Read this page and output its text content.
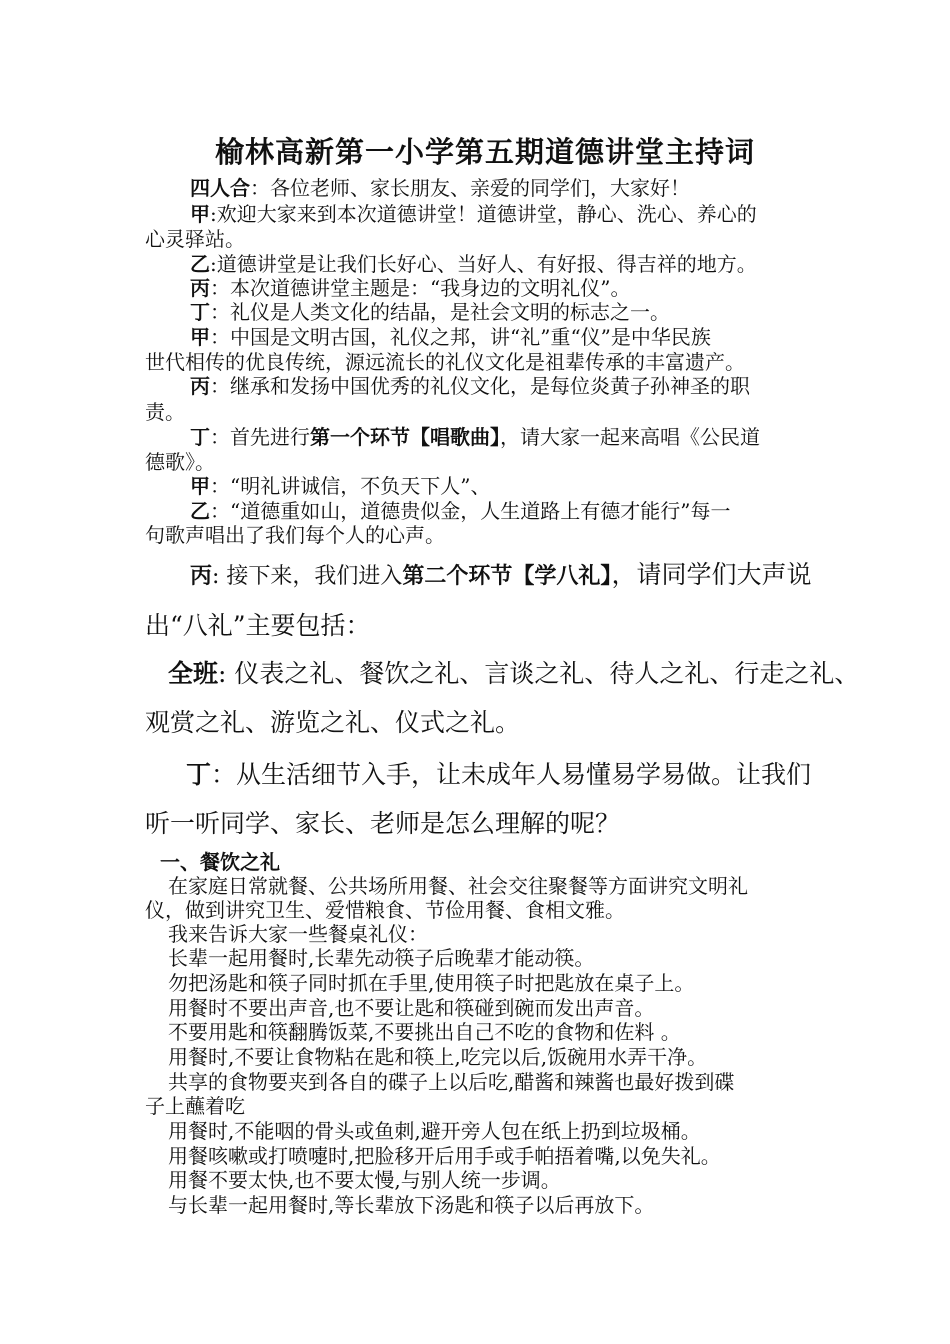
榆林高新第一小学第五期道德讲堂主持词
四人合：各位老师、家长朋友、亲爱的同学们，大家好！
甲:欢迎大家来到本次道德讲堂！道德讲堂，静心、洗心、养心的
心灵驿站。
乙:道德讲堂是让我们长好心、当好人、有好报、得吉祥的地方。
丙：本次道德讲堂主题是：“我身边的文明礼仪”。
丁：礼仪是人类文化的结晶，是社会文明的标志之一。
甲：中国是文明古国，礼仪之邦，讲“礼”重“仪”是中华民族
世代相传的优良传统，源远流长的礼仪文化是祖辈传承的丰富遗产。
丙：继承和发扬中国优秀的礼仪文化，是每位炎黄子孙神圣的职
责。
丁：首先进行第一个环节【唱歌曲】，请大家一起来高唱《公民道
德歌》。
甲：“明礼讲诚信，不负天下人”、
乙：“道德重如山，道德贵似金，人生道路上有德才能行”每一
句歌声唱出了我们每个人的心声。
丙: 接下来，我们进入第二个环节【学八礼】，请同学们大声说
出“八礼”主要包括：
全班: 仪表之礼、餐饮之礼、言谈之礼、待人之礼、行走之礼、
观赏之礼、游览之礼、仪式之礼。
丁：从生活细节入手，让未成年人易懂易学易做。让我们
听一听同学、家长、老师是怎么理解的呢？
一、餐饮之礼
在家庭日常就餐、公共场所用餐、社会交往聚餐等方面讲究文明礼
仪，做到讲究卫生、爱惜粮食、节俭用餐、食相文雅。
我来告诉大家一些餐桌礼仪：
长辈一起用餐时,长辈先动筷子后晚辈才能动筷。
勿把汤匙和筷子同时抓在手里,使用筷子时把匙放在桌子上。
用餐时不要出声音,也不要让匙和筷碰到碗而发出声音。
不要用匙和筷翻腾饭菜,不要挑出自己不吃的食物和佐料 。
用餐时,不要让食物粘在匙和筷上,吃完以后,饭碗用水弄干净。
共享的食物要夹到各自的碟子上以后吃,醋酱和辣酱也最好拨到碟
子上蘸着吃
用餐时,不能咽的骨头或鱼刺,避开旁人包在纸上扔到垃圾桶。
用餐咳嗽或打喷嚏时,把脸移开后用手或手帕捂着嘴,以免失礼。
用餐不要太快,也不要太慢,与别人统一步调。
与长辈一起用餐时,等长辈放下汤匙和筷子以后再放下。
